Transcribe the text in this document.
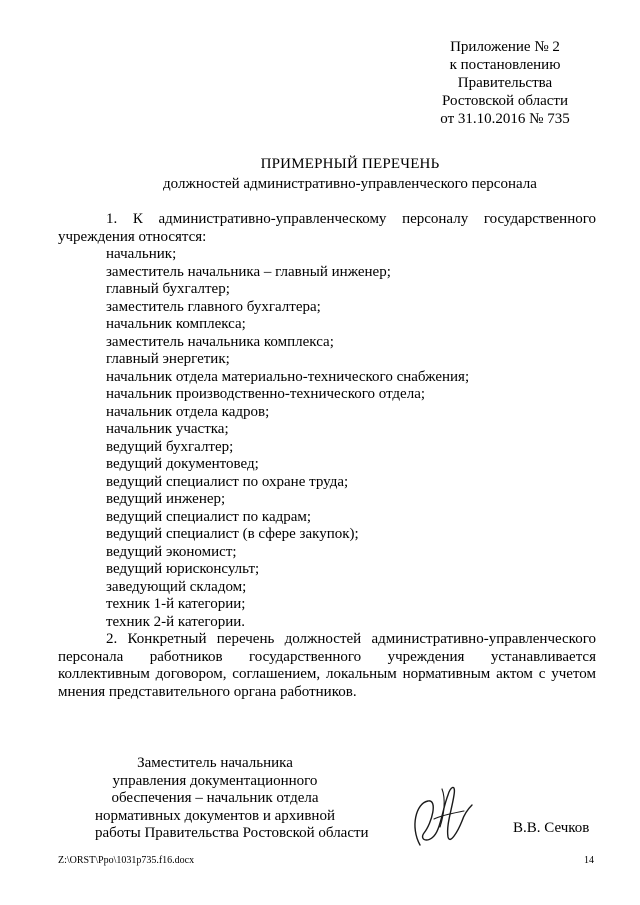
Приложение № 2
к постановлению
Правительства
Ростовской области
от 31.10.2016 № 735
ПРИМЕРНЫЙ ПЕРЕЧЕНЬ
должностей административно-управленческого персонала

1. К административно-управленческому персоналу государственного учреждения относятся:

начальник;
заместитель начальника – главный инженер;
главный бухгалтер;
заместитель главного бухгалтера;
начальник комплекса;
заместитель начальника комплекса;
главный энергетик;
начальник отдела материально-технического снабжения;
начальник производственно-технического отдела;
начальник отдела кадров;
начальник участка;
ведущий бухгалтер;
ведущий документовед;
ведущий специалист по охране труда;
ведущий инженер;
ведущий специалист по кадрам;
ведущий специалист (в сфере закупок);
ведущий экономист;
ведущий юрисконсульт;
заведующий складом;
техник 1-й категории;
техник 2-й категории.

2. Конкретный перечень должностей административно-управленческого персонала работников государственного учреждения устанавливается коллективным договором, соглашением, локальным нормативным актом с учетом мнения представительного органа работников.

Заместитель начальника
управления документационного
обеспечения – начальник отдела
нормативных документов и архивной
работы Правительства Ростовской области	В.В. Сечков
Z:\ORST\Ppo\1031p735.f16.docx	14
